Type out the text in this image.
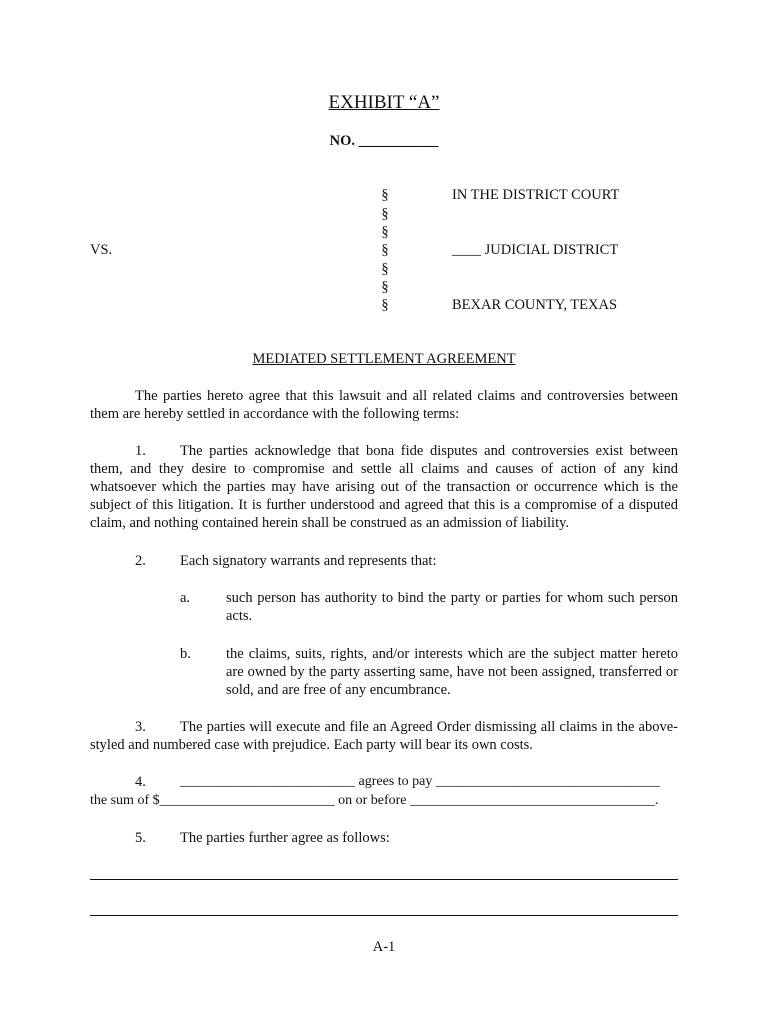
EXHIBIT “A”
NO. ___________
§
§
§
§
§
§
§
VS.
IN THE DISTRICT COURT
____ JUDICIAL DISTRICT
BEXAR COUNTY, TEXAS
MEDIATED SETTLEMENT AGREEMENT
The parties hereto agree that this lawsuit and all related claims and controversies between them are hereby settled in accordance with the following terms:
1.	The parties acknowledge that bona fide disputes and controversies exist between them, and they desire to compromise and settle all claims and causes of action of any kind whatsoever which the parties may have arising out of the transaction or occurrence which is the subject of this litigation. It is further understood and agreed that this is a compromise of a disputed claim, and nothing contained herein shall be construed as an admission of liability.
2. Each signatory warrants and represents that:
a. such person has authority to bind the party or parties for whom such person acts.
b. the claims, suits, rights, and/or interests which are the subject matter hereto are owned by the party asserting same, have not been assigned, transferred or sold, and are free of any encumbrance.
3.	The parties will execute and file an Agreed Order dismissing all claims in the above-styled and numbered case with prejudice. Each party will bear its own costs.
4. _________________________ agrees to pay ________________________________
the sum of $_________________________ on or before ___________________________________.
5. The parties further agree as follows:
A-1
